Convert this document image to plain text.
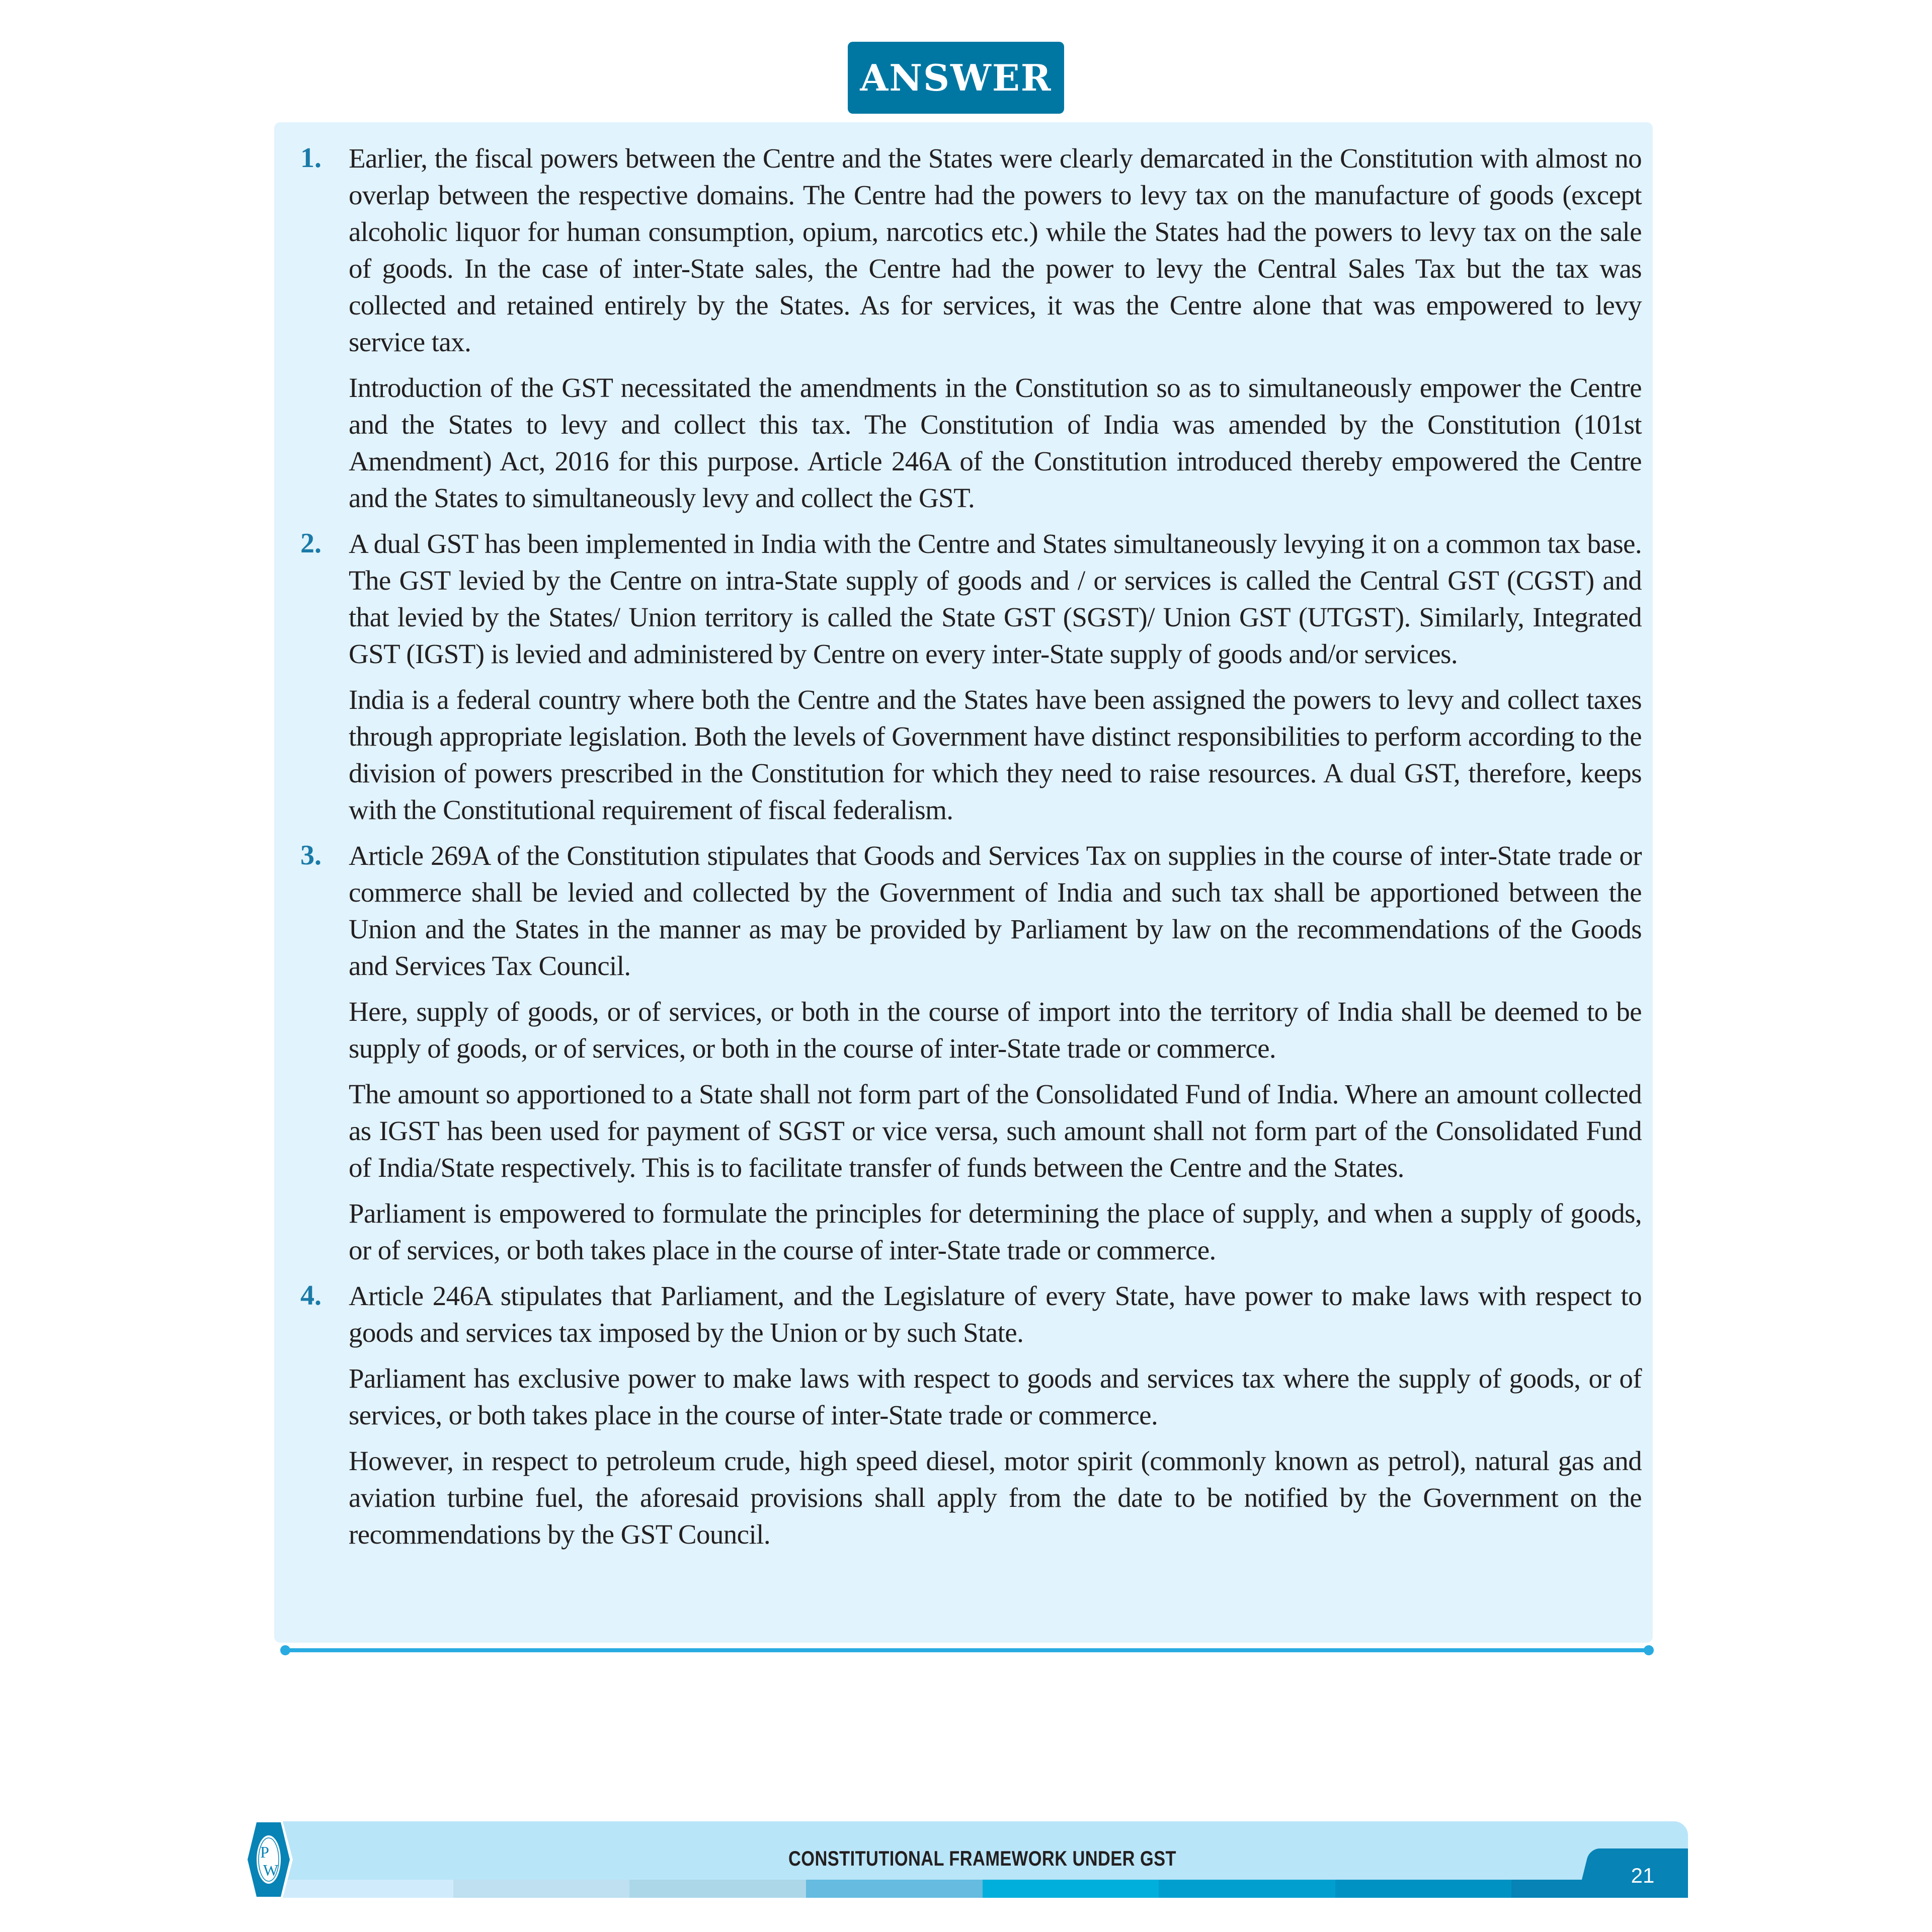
ANSWER
1. Earlier, the fiscal powers between the Centre and the States were clearly demarcated in the Constitution with almost no overlap between the respective domains. The Centre had the powers to levy tax on the manufacture of goods (except alcoholic liquor for human consumption, opium, narcotics etc.) while the States had the powers to levy tax on the sale of goods. In the case of inter-State sales, the Centre had the power to levy the Central Sales Tax but the tax was collected and retained entirely by the States. As for services, it was the Centre alone that was empowered to levy service tax.

Introduction of the GST necessitated the amendments in the Constitution so as to simultaneously empower the Centre and the States to levy and collect this tax. The Constitution of India was amended by the Constitution (101st Amendment) Act, 2016 for this purpose. Article 246A of the Constitution introduced thereby empowered the Centre and the States to simultaneously levy and collect the GST.

2. A dual GST has been implemented in India with the Centre and States simultaneously levying it on a common tax base. The GST levied by the Centre on intra-State supply of goods and / or services is called the Central GST (CGST) and that levied by the States/ Union territory is called the State GST (SGST)/ Union GST (UTGST). Similarly, Integrated GST (IGST) is levied and administered by Centre on every inter-State supply of goods and/or services.

India is a federal country where both the Centre and the States have been assigned the powers to levy and collect taxes through appropriate legislation. Both the levels of Government have distinct responsibilities to perform according to the division of powers prescribed in the Constitution for which they need to raise resources. A dual GST, therefore, keeps with the Constitutional requirement of fiscal federalism.

3. Article 269A of the Constitution stipulates that Goods and Services Tax on supplies in the course of inter-State trade or commerce shall be levied and collected by the Government of India and such tax shall be apportioned between the Union and the States in the manner as may be provided by Parliament by law on the recommendations of the Goods and Services Tax Council.

Here, supply of goods, or of services, or both in the course of import into the territory of India shall be deemed to be supply of goods, or of services, or both in the course of inter-State trade or commerce.

The amount so apportioned to a State shall not form part of the Consolidated Fund of India. Where an amount collected as IGST has been used for payment of SGST or vice versa, such amount shall not form part of the Consolidated Fund of India/State respectively. This is to facilitate transfer of funds between the Centre and the States.

Parliament is empowered to formulate the principles for determining the place of supply, and when a supply of goods, or of services, or both takes place in the course of inter-State trade or commerce.

4. Article 246A stipulates that Parliament, and the Legislature of every State, have power to make laws with respect to goods and services tax imposed by the Union or by such State.

Parliament has exclusive power to make laws with respect to goods and services tax where the supply of goods, or of services, or both takes place in the course of inter-State trade or commerce.

However, in respect to petroleum crude, high speed diesel, motor spirit (commonly known as petrol), natural gas and aviation turbine fuel, the aforesaid provisions shall apply from the date to be notified by the Government on the recommendations by the GST Council.

CONSTITUTIONAL FRAMEWORK UNDER GST
21
P
W
